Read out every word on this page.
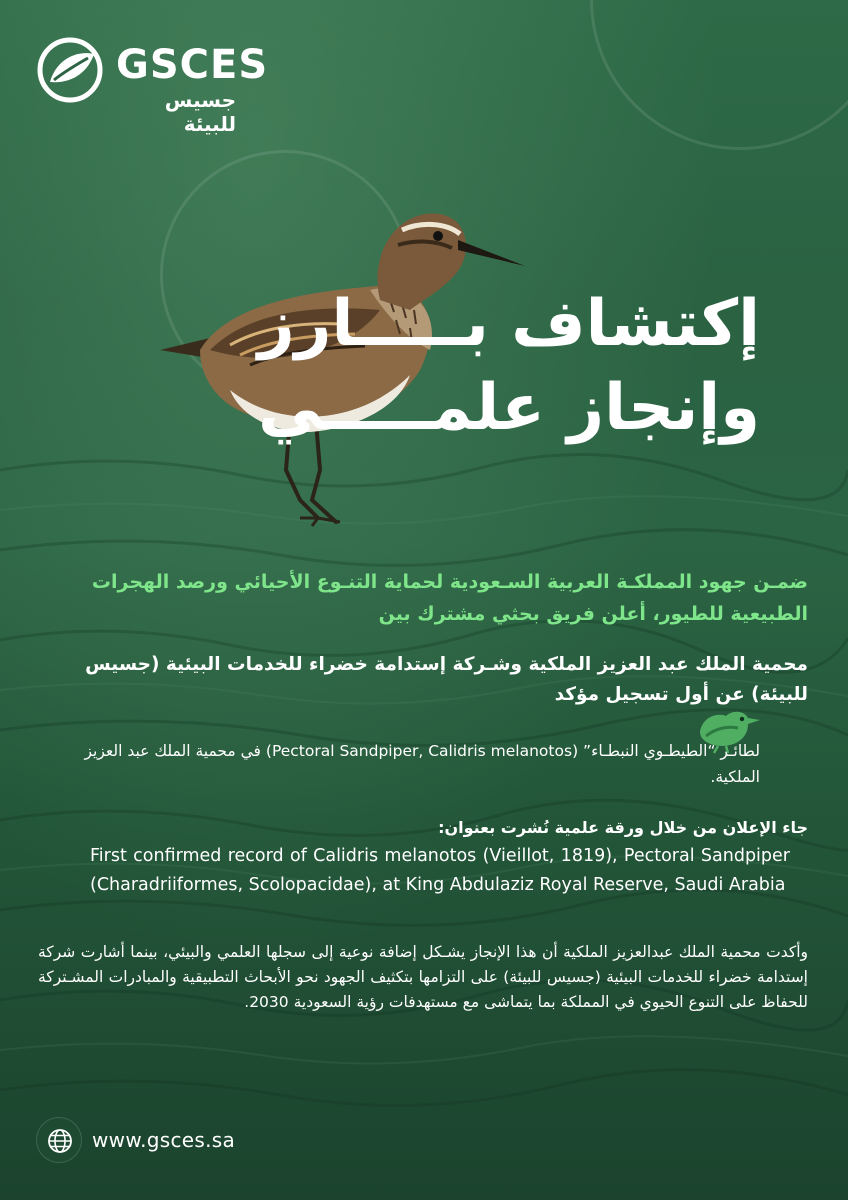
GSCES
جسيس للبيئة
إكتشاف بـــــارز
وإنجاز علمـــــي
ضمـن جهود المملكـة العربية السـعودية لحماية التنـوع الأحيائي ورصد الهجرات الطبيعية للطيور، أعلن فريق بحثي مشترك بين
محمية الملك عبد العزيز الملكية وشـركة إستدامة خضراء للخدمات البيئية (جسيس للبيئة) عن أول تسجيل مؤكد
لطائـر “الطيطـوي النبطـاء” (Pectoral Sandpiper, Calidris melanotos) في محمية الملك عبد العزيز الملكية.
جاء الإعلان من خلال ورقة علمية نُشرت بعنوان:
First confirmed record of Calidris melanotos (Vieillot, 1819), Pectoral Sandpiper (Charadriiformes, Scolopacidae), at King Abdulaziz Royal Reserve, Saudi Arabia
وأكدت محمية الملك عبدالعزيز الملكية أن هذا الإنجاز يشـكل إضافة نوعية إلى سجلها العلمي والبيئي، بينما أشارت شركة إستدامة خضراء للخدمات البيئية (جسيس للبيئة) على التزامها بتكثيف الجهود نحو الأبحاث التطبيقية والمبادرات المشـتركة للحفاظ على التنوع الحيوي في المملكة بما يتماشى مع مستهدفات رؤية السعودية 2030.
www.gsces.sa
